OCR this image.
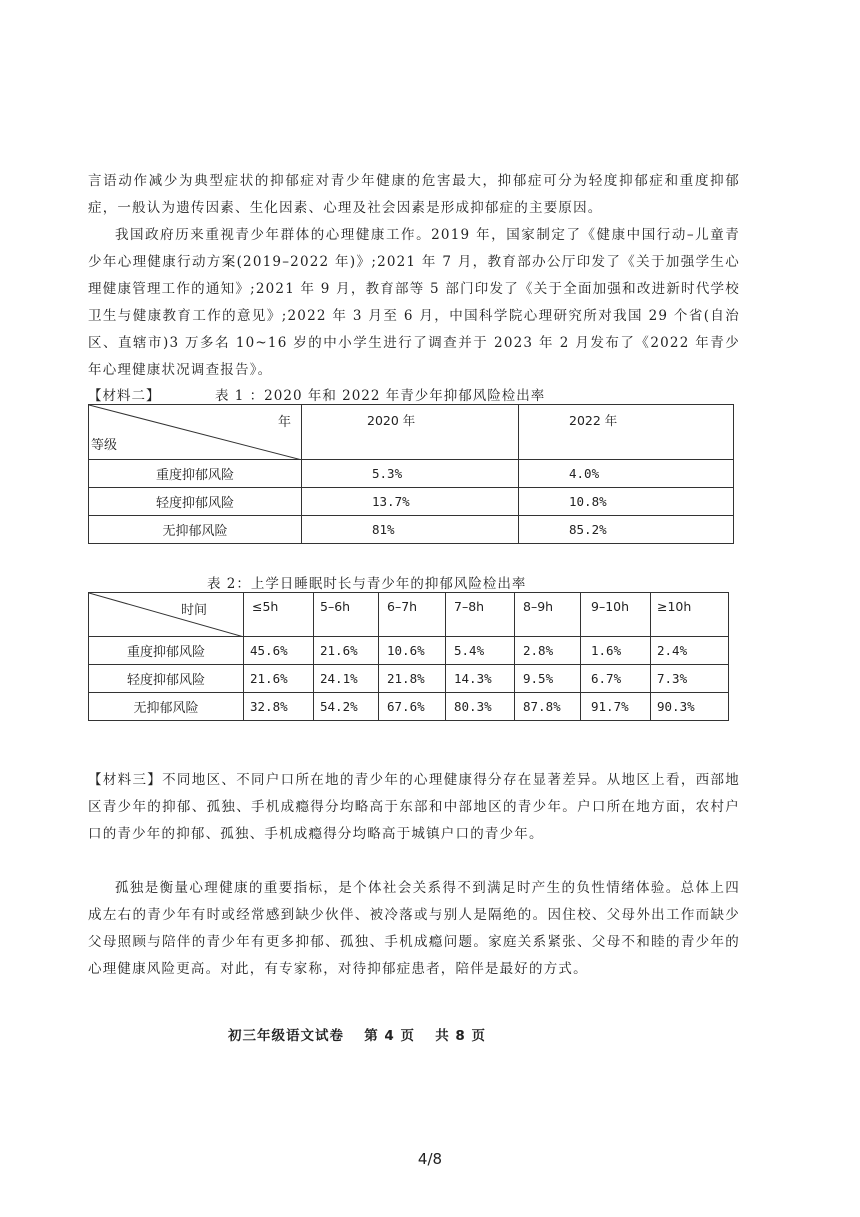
言语动作减少为典型症状的抑郁症对青少年健康的危害最大，抑郁症可分为轻度抑郁症和重度抑郁症，一般认为遗传因素、生化因素、心理及社会因素是形成抑郁症的主要原因。

我国政府历来重视青少年群体的心理健康工作。2019 年，国家制定了《健康中国行动–儿童青少年心理健康行动方案(2019–2022 年)》;2021 年 7 月，教育部办公厅印发了《关于加强学生心理健康管理工作的通知》;2021 年 9 月，教育部等 5 部门印发了《关于全面加强和改进新时代学校卫生与健康教育工作的意见》;2022 年 3 月至 6 月，中国科学院心理研究所对我国 29 个省(自治区、直辖市)3 万多名 10~16 岁的中小学生进行了调查并于 2023 年 2 月发布了《2022 年青少年心理健康状况调查报告》。

【材料二】	表 1 ：2020 年和 2022 年青少年抑郁风险检出率
年
等级	2020 年	2022 年
重度抑郁风险	5.3%	4.0%
轻度抑郁风险	13.7%	10.8%
无抑郁风险	81%	85.2%
表 2：上学日睡眠时长与青少年的抑郁风险检出率
时间	≤5h	5–6h	6–7h	7–8h	8–9h	9–10h	≥10h
重度抑郁风险	45.6%	21.6%	10.6%	5.4%	2.8%	1.6%	2.4%
轻度抑郁风险	21.6%	24.1%	21.8%	14.3%	9.5%	6.7%	7.3%
无抑郁风险	32.8%	54.2%	67.6%	80.3%	87.8%	91.7%	90.3%

【材料三】不同地区、不同户口所在地的青少年的心理健康得分存在显著差异。从地区上看，西部地区青少年的抑郁、孤独、手机成瘾得分均略高于东部和中部地区的青少年。户口所在地方面，农村户口的青少年的抑郁、孤独、手机成瘾得分均略高于城镇户口的青少年。

孤独是衡量心理健康的重要指标，是个体社会关系得不到满足时产生的负性情绪体验。总体上四成左右的青少年有时或经常感到缺少伙伴、被冷落或与别人是隔绝的。因住校、父母外出工作而缺少父母照顾与陪伴的青少年有更多抑郁、孤独、手机成瘾问题。家庭关系紧张、父母不和睦的青少年的心理健康风险更高。对此，有专家称，对待抑郁症患者，陪伴是最好的方式。

初三年级语文试卷　 第 4 页　 共 8 页
4/8
